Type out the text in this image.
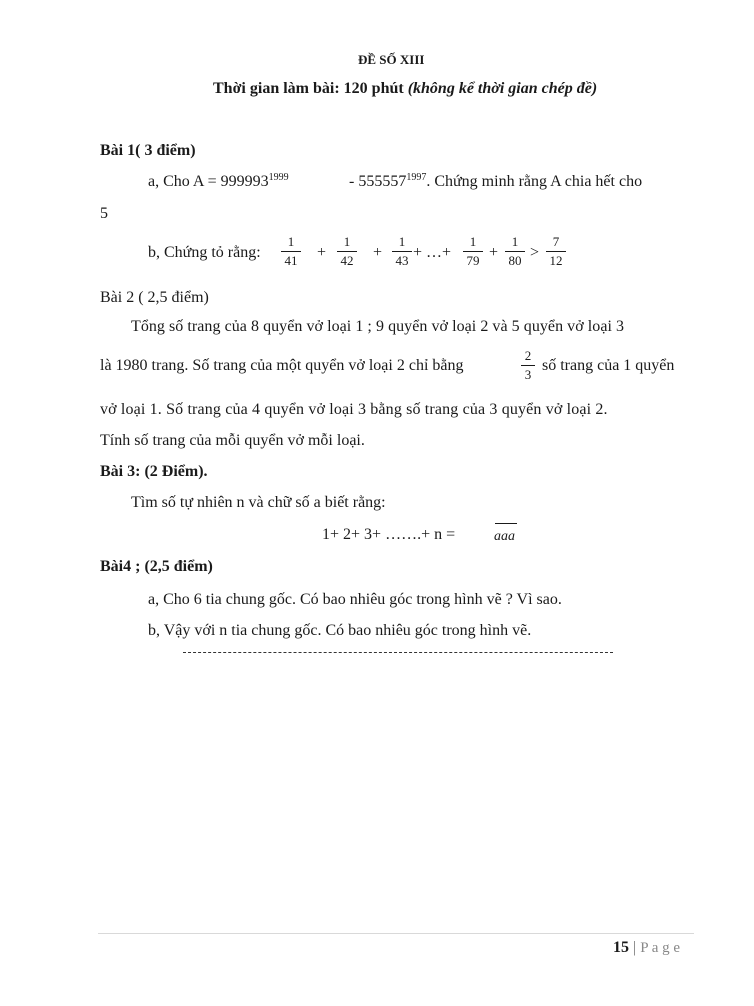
ĐỀ SỐ XIII
Thời gian làm bài: 120 phút (không kể thời gian chép đề)
Bài 1( 3 điểm)
a, Cho $A = 999993^{1999}$	- $555557^{1997}$. Chứng minh rằng A chia hết cho
5
b, Chứng tỏ rằng:
1
41 +
1
42 +
1
43 + …+
1
79 +
1
80 >
7
12
Bài 2 ( 2,5 điểm)
Tổng số trang của 8 quyển vở loại 1 ; 9 quyển vở loại 2 và 5 quyển vở loại 3
là 1980 trang. Số trang của một quyển vở loại 2 chỉ bằng
2
3
số trang của 1 quyển
vở loại 1. Số trang của 4 quyển vở loại 3 bằng số trang của 3 quyển vở loại 2.
Tính số trang của mỗi quyển vở mỗi loại.
Bài 3: (2 Điểm).
Tìm số tự nhiên n và chữ số a biết rằng:
1+ 2+ 3+ …….+ n =	aaa
Bài4 ; (2,5 điểm)
a, Cho 6 tia chung gốc. Có bao nhiêu góc trong hình vẽ ? Vì sao.
b, Vậy với n tia chung gốc. Có bao nhiêu góc trong hình vẽ.
15 | P a g e
